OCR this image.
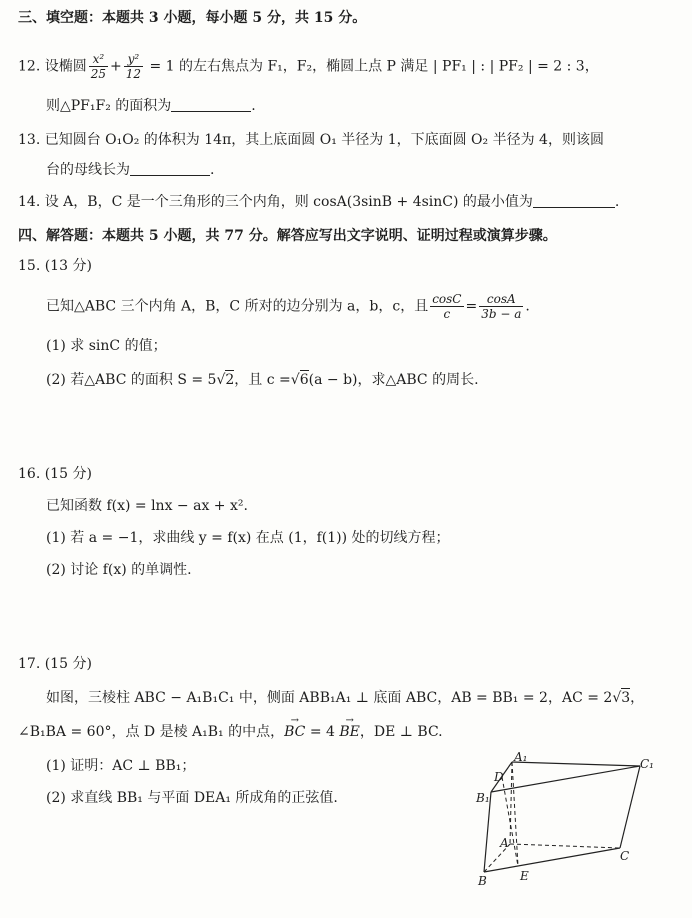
三、填空题：本题共 3 小题，每小题 5 分，共 15 分。
12. 设椭圆 $\frac{\text{x²}}{25} + \frac{\text{y²}}{12} = 1$ 的左右焦点为 F₁，F₂，椭圆上点 P 满足 | PF₁ | : | PF₂ | = 2 : 3，
则△PF₁F₂ 的面积为	.
13. 已知圆台 O₁O₂ 的体积为 14π，其上底面圆 O₁ 半径为 1，下底面圆 O₂ 半径为 4，则该圆
台的母线长为	.
14. 设 A，B，C 是一个三角形的三个内角，则 cosA(3sinB + 4sinC) 的最小值为	.
四、解答题：本题共 5 小题，共 77 分。解答应写出文字说明、证明过程或演算步骤。
15. (13 分)
已知△ABC 三个内角 A，B，C 所对的边分别为 a，b，c，且 $\frac{\cos C}{c} = \frac{\cos A}{3b - a}$ .
(1) 求 sinC 的值；
(2) 若△ABC 的面积 S = 5√2，且 c =√6(a − b)，求△ABC 的周长.
16. (15 分)
已知函数 f(x) = lnx − ax + x².
(1) 若 a = −1，求曲线 y = f(x) 在点 (1，f(1)) 处的切线方程；
(2) 讨论 f(x) 的单调性.
17. (15 分)
如图，三棱柱 ABC − A₁B₁C₁ 中，侧面 ABB₁A₁ ⊥ 底面 ABC，AB = BB₁ = 2，AC = 2√3，
∠B₁BA = 60°，点 D 是棱 A₁B₁ 的中点，→ BC = 4 → BE，DE ⊥ BC.
(1) 证明：AC ⊥ BB₁；
(2) 求直线 BB₁ 与平面 DEA₁ 所成角的正弦值.
A₁	C₁
D
B₁
A
C
B	E
